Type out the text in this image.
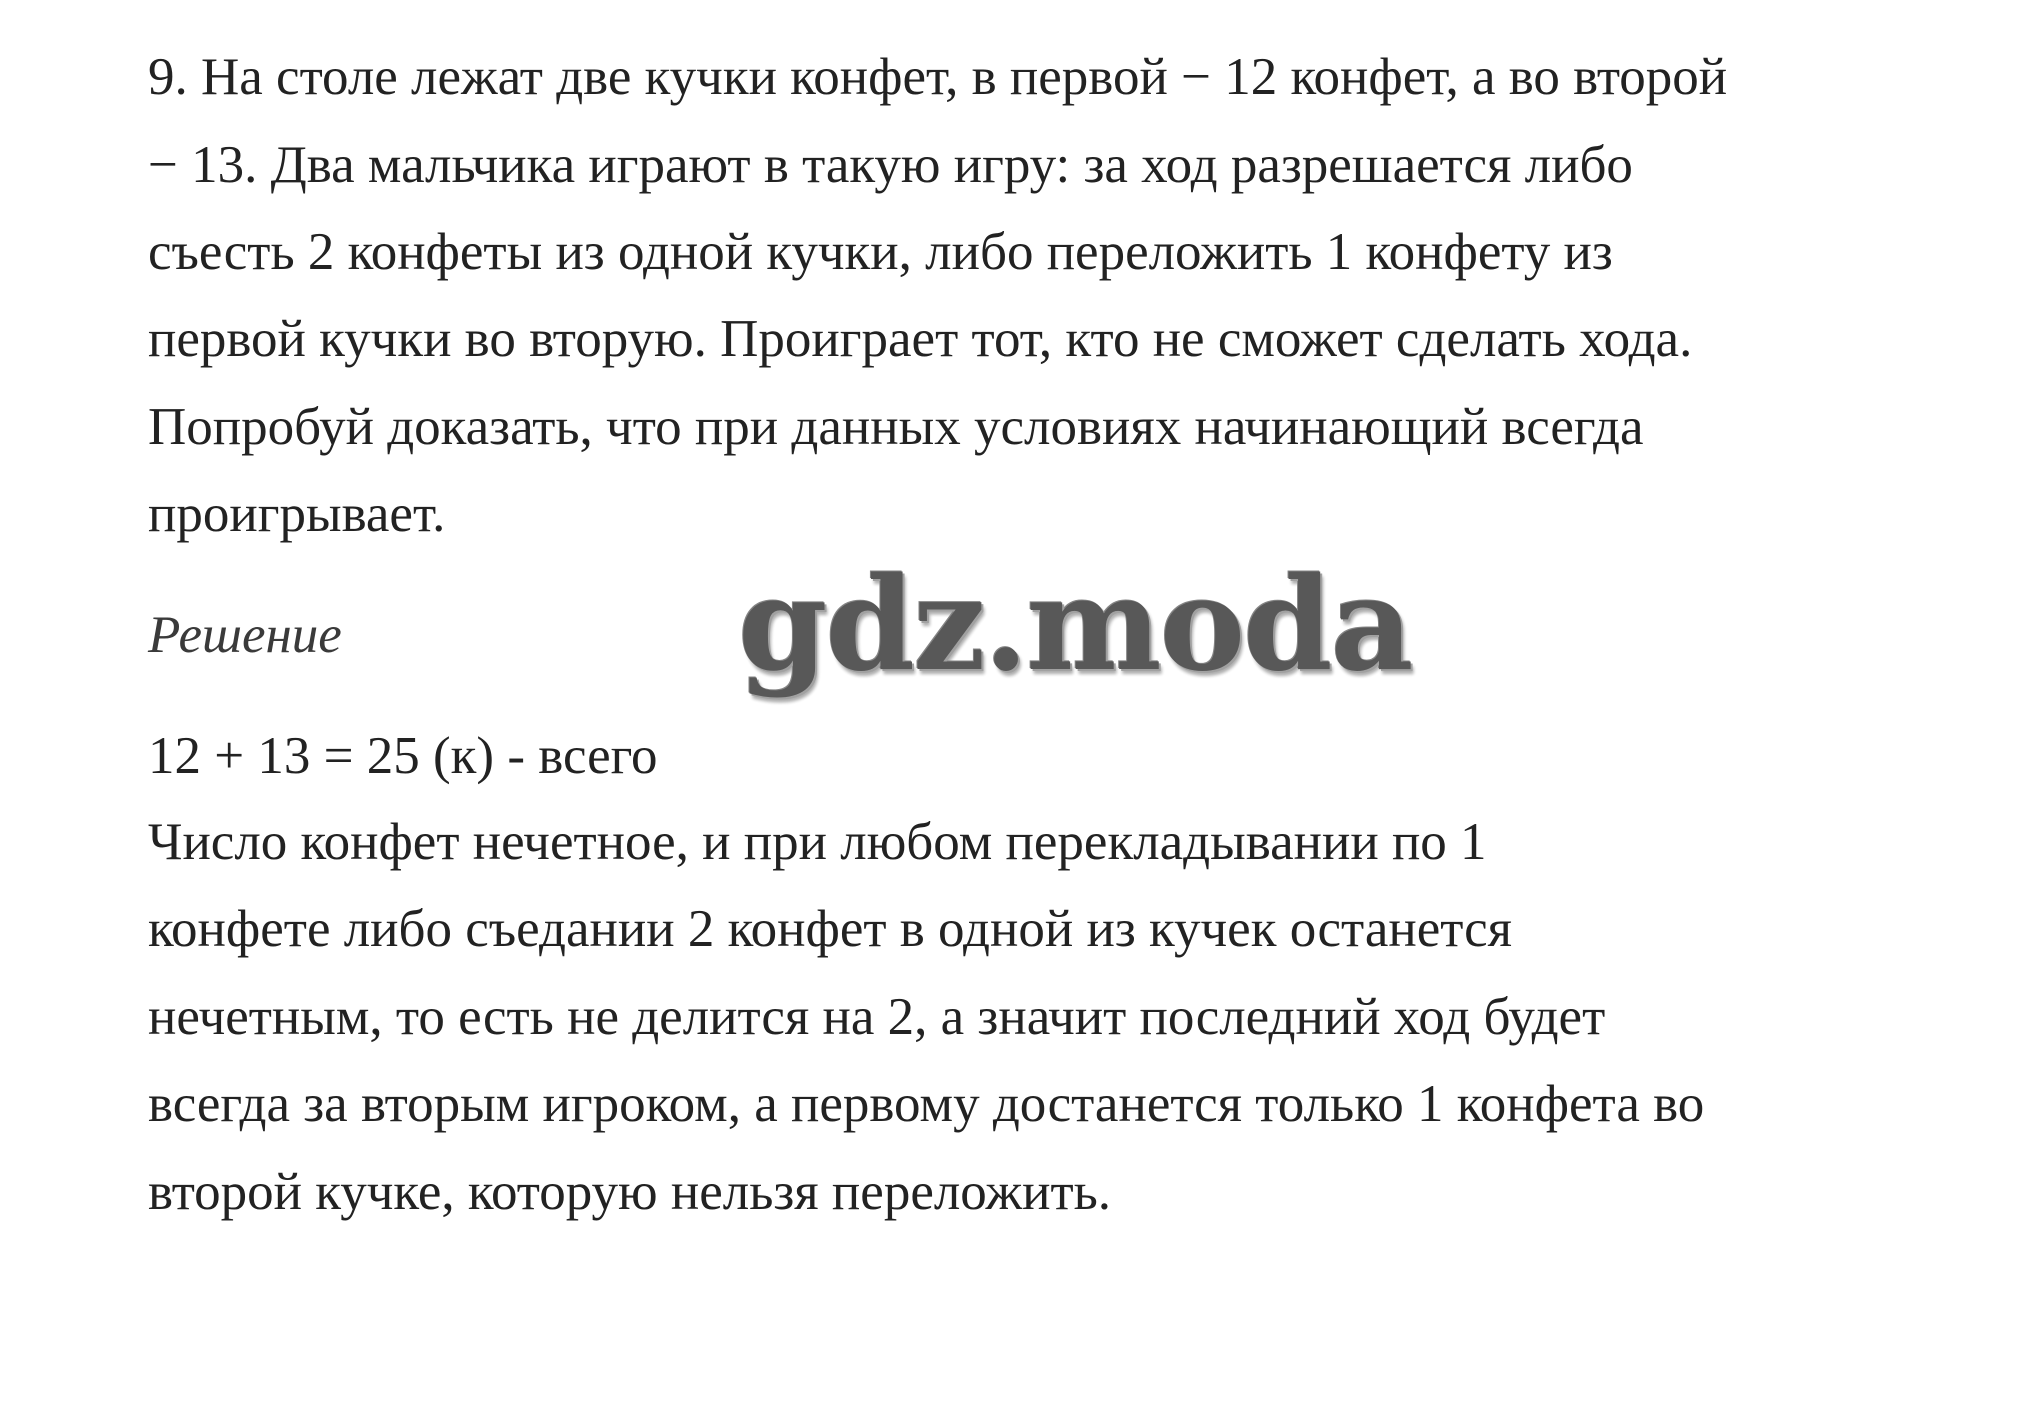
9. На столе лежат две кучки конфет, в первой − 12 конфет, а во второй
− 13. Два мальчика играют в такую игру: за ход разрешается либо
съесть 2 конфеты из одной кучки, либо переложить 1 конфету из
первой кучки во вторую. Проиграет тот, кто не сможет сделать хода.
Попробуй доказать, что при данных условиях начинающий всегда
проигрывает.
Решение	gdz.moda
12 + 13 = 25 (к) - всего
Число конфет нечетное, и при любом перекладывании по 1
конфете либо съедании 2 конфет в одной из кучек останется
нечетным, то есть не делится на 2, а значит последний ход будет
всегда за вторым игроком, а первому достанется только 1 конфета во
второй кучке, которую нельзя переложить.
